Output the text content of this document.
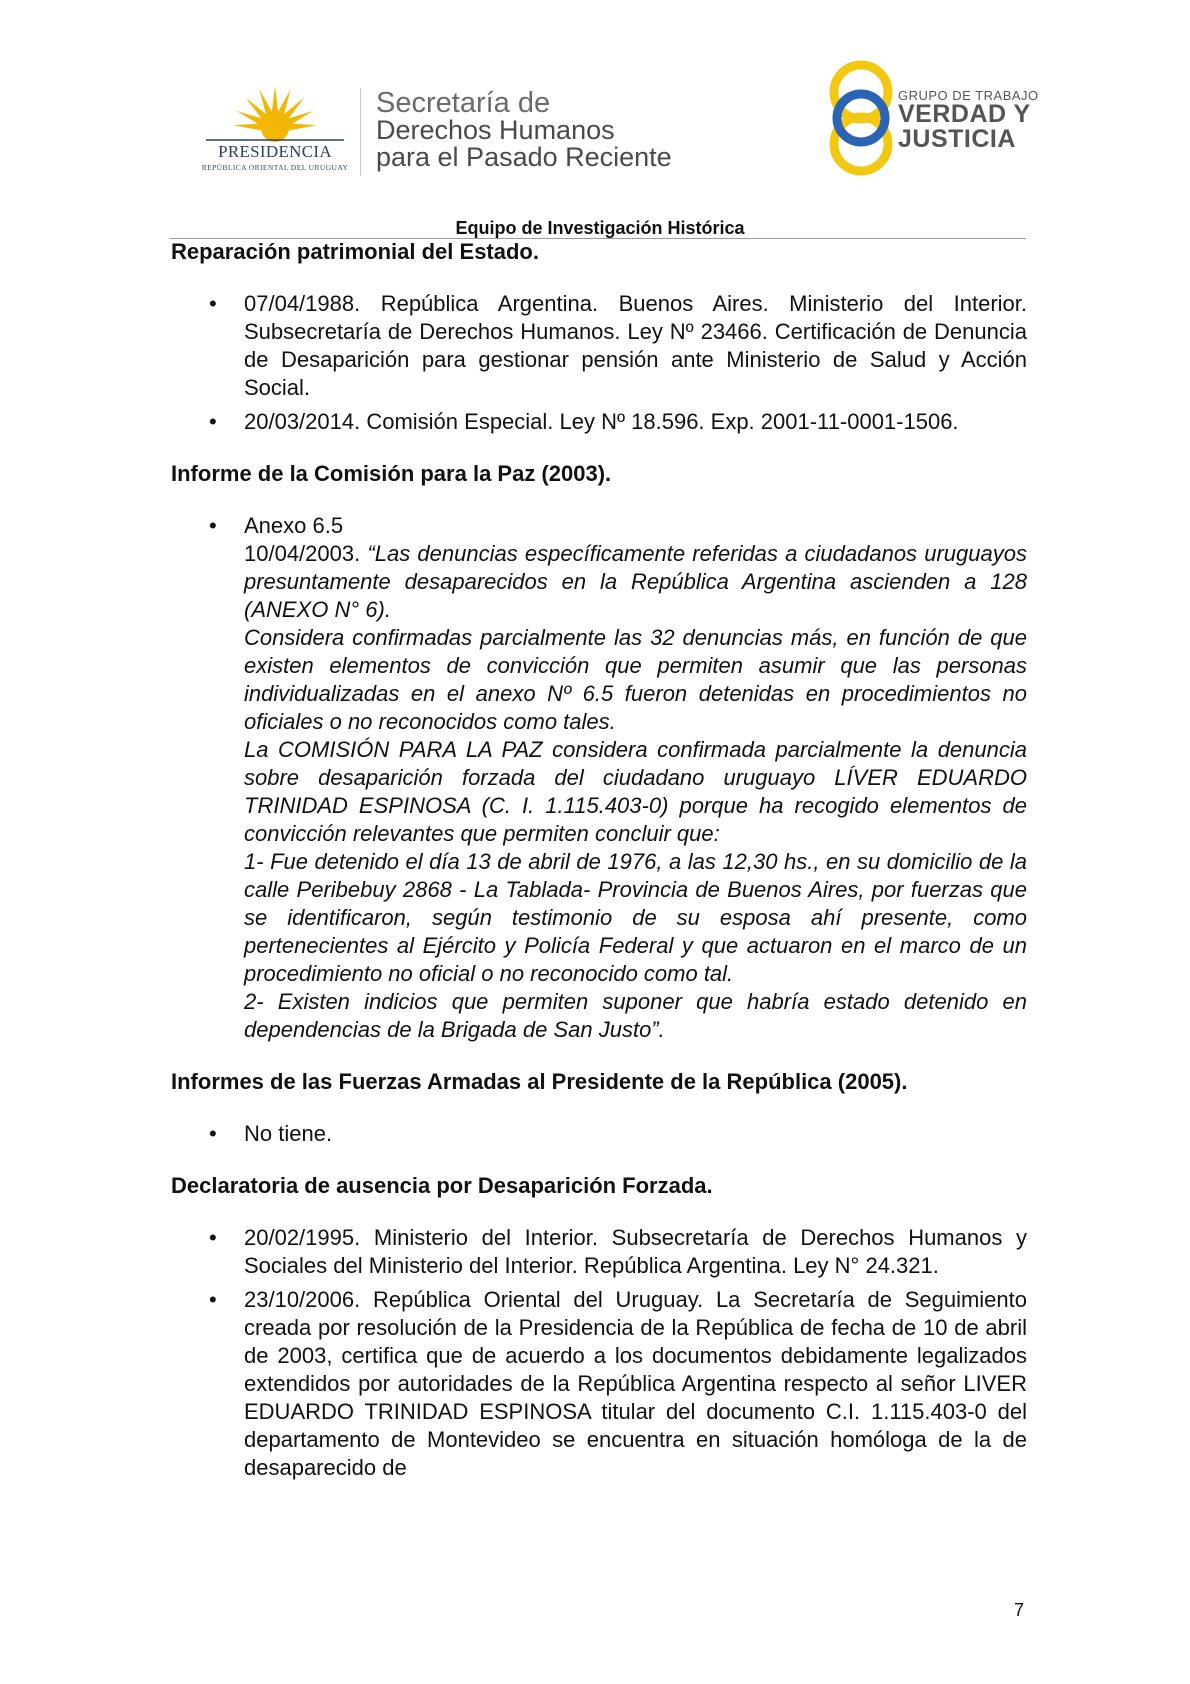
PRESIDENCIA
REPÚBLICA ORIENTAL DEL URUGUAY
Secretaría de
Derechos Humanos
para el Pasado Reciente
GRUPO DE TRABAJO
VERDAD Y
JUSTICIA
Equipo de Investigación Histórica

Reparación patrimonial del Estado.

• 07/04/1988. República Argentina. Buenos Aires. Ministerio del Interior. Subsecretaría de Derechos Humanos. Ley Nº 23466. Certificación de Denuncia de Desaparición para gestionar pensión ante Ministerio de Salud y Acción Social.
• 20/03/2014. Comisión Especial. Ley Nº 18.596. Exp. 2001-11-0001-1506.

Informe de la Comisión para la Paz (2003).

• Anexo 6.5

10/04/2003. “Las denuncias específicamente referidas a ciudadanos uruguayos presuntamente desaparecidos en la República Argentina ascienden a 128 (ANEXO N° 6).

Considera confirmadas parcialmente las 32 denuncias más, en función de que existen elementos de convicción que permiten asumir que las personas individualizadas en el anexo Nº 6.5 fueron detenidas en procedimientos no oficiales o no reconocidos como tales.

La COMISIÓN PARA LA PAZ considera confirmada parcialmente la denuncia sobre desaparición forzada del ciudadano uruguayo LÍVER EDUARDO TRINIDAD ESPINOSA (C. I. 1.115.403-0) porque ha recogido elementos de convicción relevantes que permiten concluir que:

1- Fue detenido el día 13 de abril de 1976, a las 12,30 hs., en su domicilio de la calle Peribebuy 2868 - La Tablada- Provincia de Buenos Aires, por fuerzas que se identificaron, según testimonio de su esposa ahí presente, como pertenecientes al Ejército y Policía Federal y que actuaron en el marco de un procedimiento no oficial o no reconocido como tal.

2- Existen indicios que permiten suponer que habría estado detenido en dependencias de la Brigada de San Justo”.

Informes de las Fuerzas Armadas al Presidente de la República (2005).

• No tiene.

Declaratoria de ausencia por Desaparición Forzada.

• 20/02/1995. Ministerio del Interior. Subsecretaría de Derechos Humanos y Sociales del Ministerio del Interior. República Argentina. Ley N° 24.321.
• 23/10/2006. República Oriental del Uruguay. La Secretaría de Seguimiento creada por resolución de la Presidencia de la República de fecha de 10 de abril de 2003, certifica que de acuerdo a los documentos debidamente legalizados extendidos por autoridades de la República Argentina respecto al señor LIVER EDUARDO TRINIDAD ESPINOSA titular del documento C.I. 1.115.403-0 del departamento de Montevideo se encuentra en situación homóloga de la de desaparecido de
7
